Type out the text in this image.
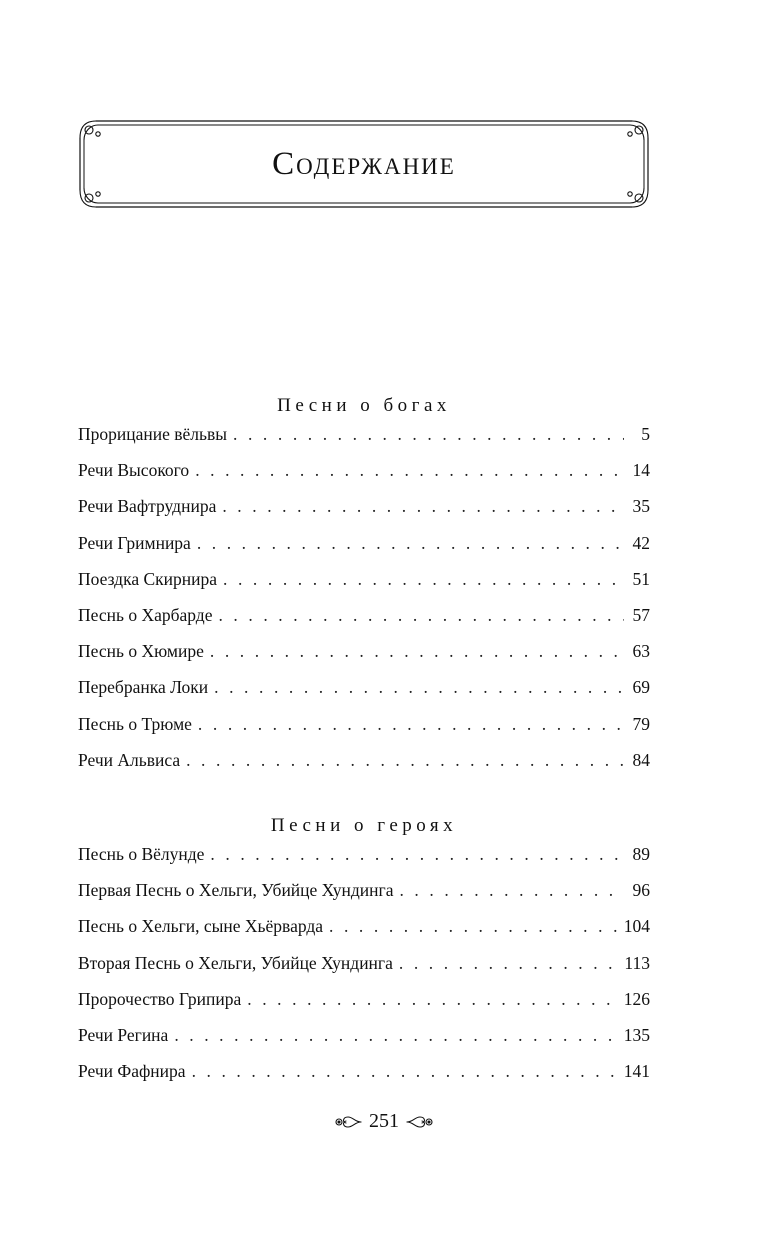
Содержание
Песни о богах
Прорицание вёльвы . . .	5
Речи Высокого . . .	14
Речи Вафтруднира . . .	35
Речи Гримнира . . .	42
Поездка Скирнира . . .	51
Песнь о Харбарде . . .	57
Песнь о Хюмире . . .	63
Перебранка Локи . . .	69
Песнь о Трюме . . .	79
Речи Альвиса . . .	84
Песни о героях
Песнь о Вёлунде . . .	89
Первая Песнь о Хельги, Убийце Хундинга . . .	96
Песнь о Хельги, сыне Хьёрварда . . .	104
Вторая Песнь о Хельги, Убийце Хундинга . . .	113
Пророчество Грипира . . .	126
Речи Регина . . .	135
Речи Фафнира . . .	141
251
